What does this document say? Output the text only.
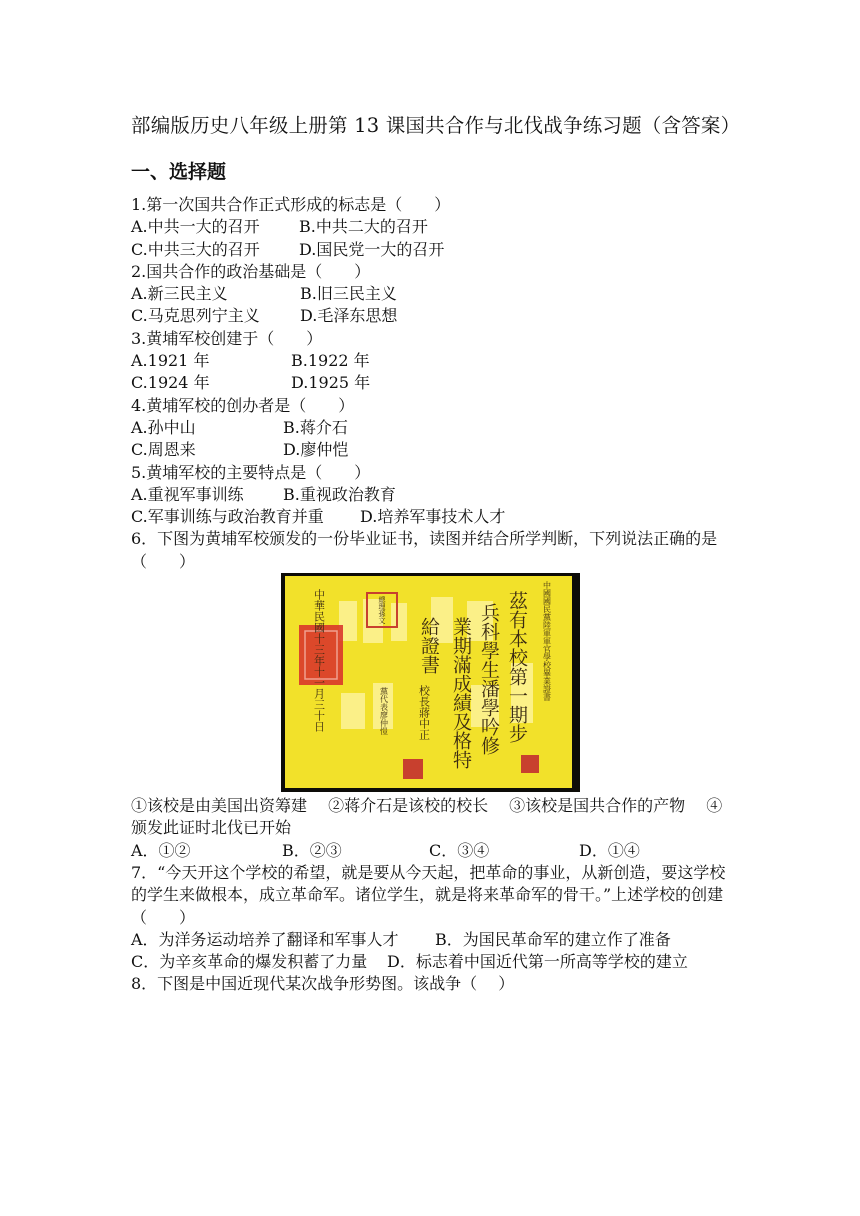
部编版历史八年级上册第 13 课国共合作与北伐战争练习题（含答案）
一、选择题
1.第一次国共合作正式形成的标志是（　　）
A.中共一大的召开 B.中共二大的召开
C.中共三大的召开 D.国民党一大的召开
2.国共合作的政治基础是（　　）
A.新三民主义	B.旧三民主义
C.马克思列宁主义	D.毛泽东思想
3.黄埔军校创建于（　　）
A.1921 年	B.1922 年
C.1924 年	D.1925 年
4.黄埔军校的创办者是（　　）
A.孙中山	B.蒋介石
C.周恩来	D.廖仲恺
5.黄埔军校的主要特点是（　　）
A.重视军事训练 B.重视政治教育
C.军事训练与政治教育并重 D.培养军事技术人才
6．下图为黄埔军校颁发的一份毕业证书，读图并结合所学判断，下列说法正确的是（　　）
中華民國十三年十一月三十日	總理孫文
黨代表廖仲愷	校長蔣中正
給證書 業期滿成績及格特 兵科學生潘學吟修 茲有本校第一期步 中國國民黨陸軍軍官學校畢業證書
①该校是由美国出资筹建　 ②蒋介石是该校的校长　 ③该校是国共合作的产物　 ④颁发此证时北伐已开始
A．①②	B．②③	C．③④	D．①④
7．“今天开这个学校的希望，就是要从今天起，把革命的事业，从新创造，要这学校的学生来做根本，成立革命军。诸位学生，就是将来革命军的骨干。”上述学校的创建（　　）
A．为洋务运动培养了翻译和军事人才 B．为国民革命军的建立作了准备
C．为辛亥革命的爆发积蓄了力量 D．标志着中国近代第一所高等学校的建立
8．下图是中国近现代某次战争形势图。该战争（　 ）
